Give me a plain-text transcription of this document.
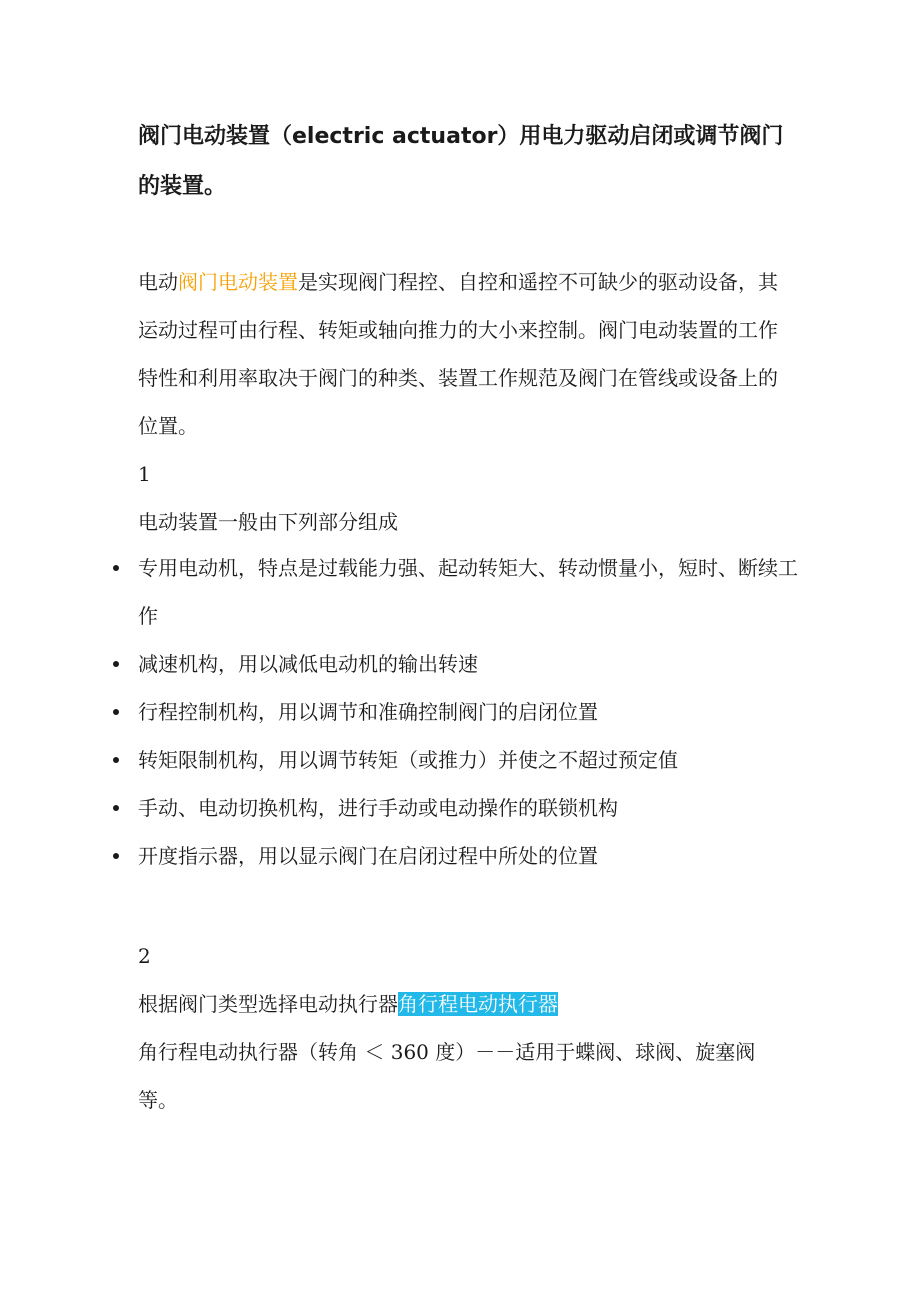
阀门电动装置（electric actuator）用电力驱动启闭或调节阀门的装置。
电动阀门电动装置是实现阀门程控、自控和遥控不可缺少的驱动设备，其运动过程可由行程、转矩或轴向推力的大小来控制。阀门电动装置的工作特性和利用率取决于阀门的种类、装置工作规范及阀门在管线或设备上的位置。
1
电动装置一般由下列部分组成
专用电动机，特点是过载能力强、起动转矩大、转动惯量小，短时、断续工作
减速机构，用以减低电动机的输出转速
行程控制机构，用以调节和准确控制阀门的启闭位置
转矩限制机构，用以调节转矩（或推力）并使之不超过预定值
手动、电动切换机构，进行手动或电动操作的联锁机构
开度指示器，用以显示阀门在启闭过程中所处的位置
2
根据阀门类型选择电动执行器角行程电动执行器
角行程电动执行器（转角 ＜ 360 度）－－适用于蝶阀、球阀、旋塞阀等。
